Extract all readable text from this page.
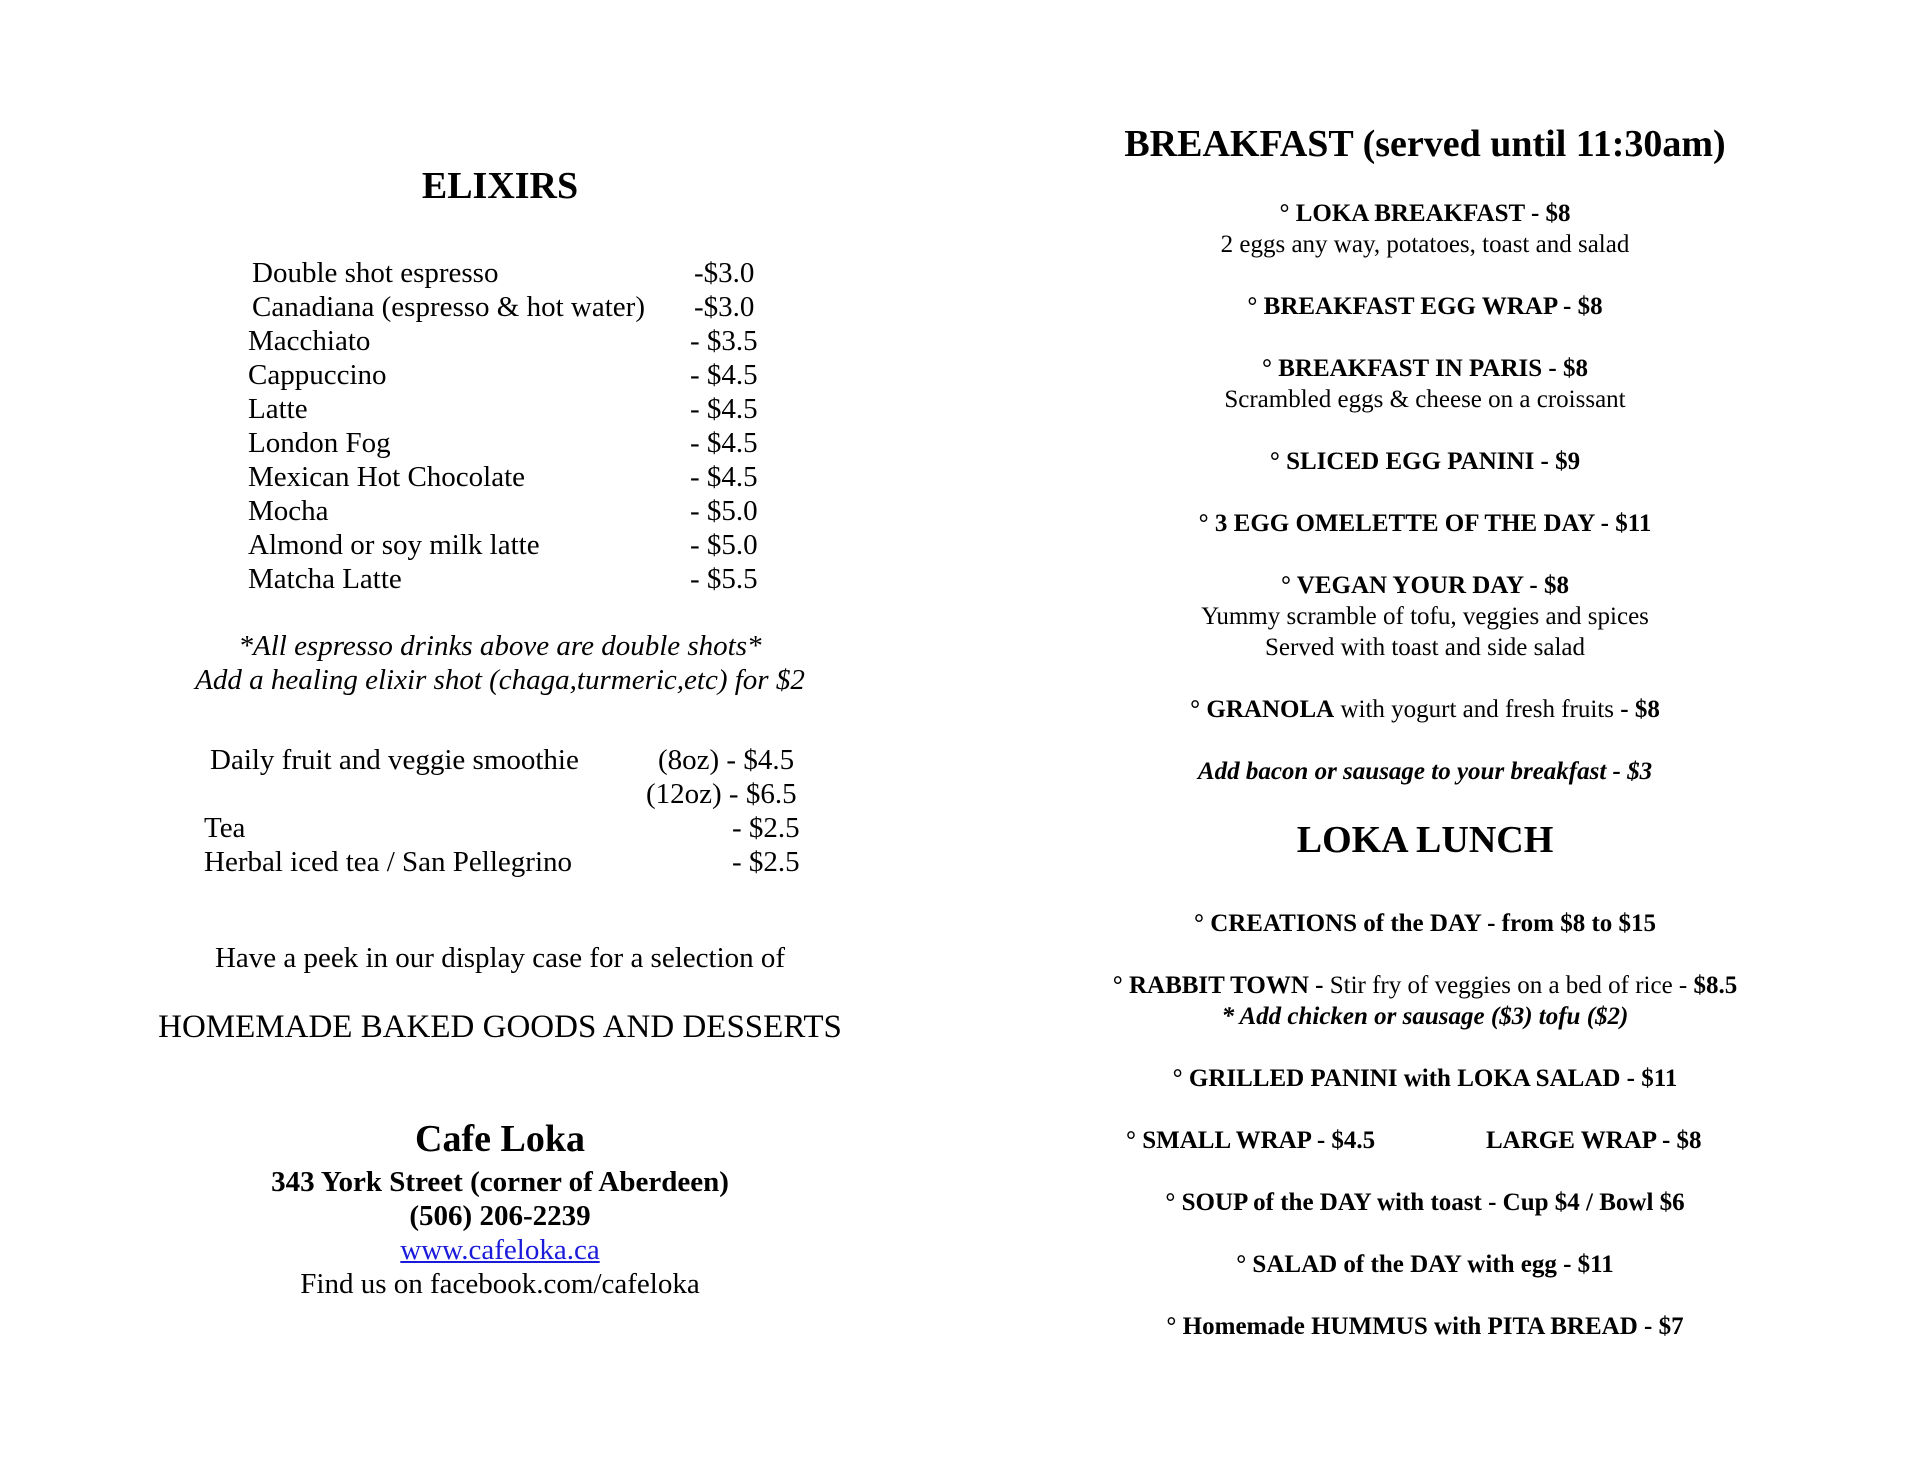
ELIXIRS
Double shot espresso	-$3.0
Canadiana (espresso & hot water) -$3.0
Macchiato	- $3.5
Cappuccino	- $4.5
Latte	- $4.5
London Fog	- $4.5
Mexican Hot Chocolate	- $4.5
Mocha	- $5.0
Almond or soy milk latte	- $5.0
Matcha Latte	- $5.5
*All espresso drinks above are double shots*
Add a healing elixir shot (chaga,turmeric,etc) for $2
Daily fruit and veggie smoothie	(8oz) - $4.5
(12oz) - $6.5
Tea	- $2.5
Herbal iced tea / San Pellegrino	- $2.5
Have a peek in our display case for a selection of
HOMEMADE BAKED GOODS AND DESSERTS
Cafe Loka
343 York Street (corner of Aberdeen)
(506) 206-2239
www.cafeloka.ca
Find us on facebook.com/cafeloka
BREAKFAST (served until 11:30am)
° LOKA BREAKFAST - $8
2 eggs any way, potatoes, toast and salad
° BREAKFAST EGG WRAP - $8
° BREAKFAST IN PARIS - $8
Scrambled eggs & cheese on a croissant
° SLICED EGG PANINI - $9
° 3 EGG OMELETTE OF THE DAY - $11
° VEGAN YOUR DAY - $8
Yummy scramble of tofu, veggies and spices
Served with toast and side salad
° GRANOLA with yogurt and fresh fruits - $8
Add bacon or sausage to your breakfast - $3
LOKA LUNCH
° CREATIONS of the DAY - from $8 to $15
° RABBIT TOWN - Stir fry of veggies on a bed of rice - $8.5
* Add chicken or sausage ($3) tofu ($2)
° GRILLED PANINI with LOKA SALAD - $11
° SMALL WRAP - $4.5	LARGE WRAP - $8
° SOUP of the DAY with toast - Cup $4 / Bowl $6
° SALAD of the DAY with egg - $11
° Homemade HUMMUS with PITA BREAD - $7
